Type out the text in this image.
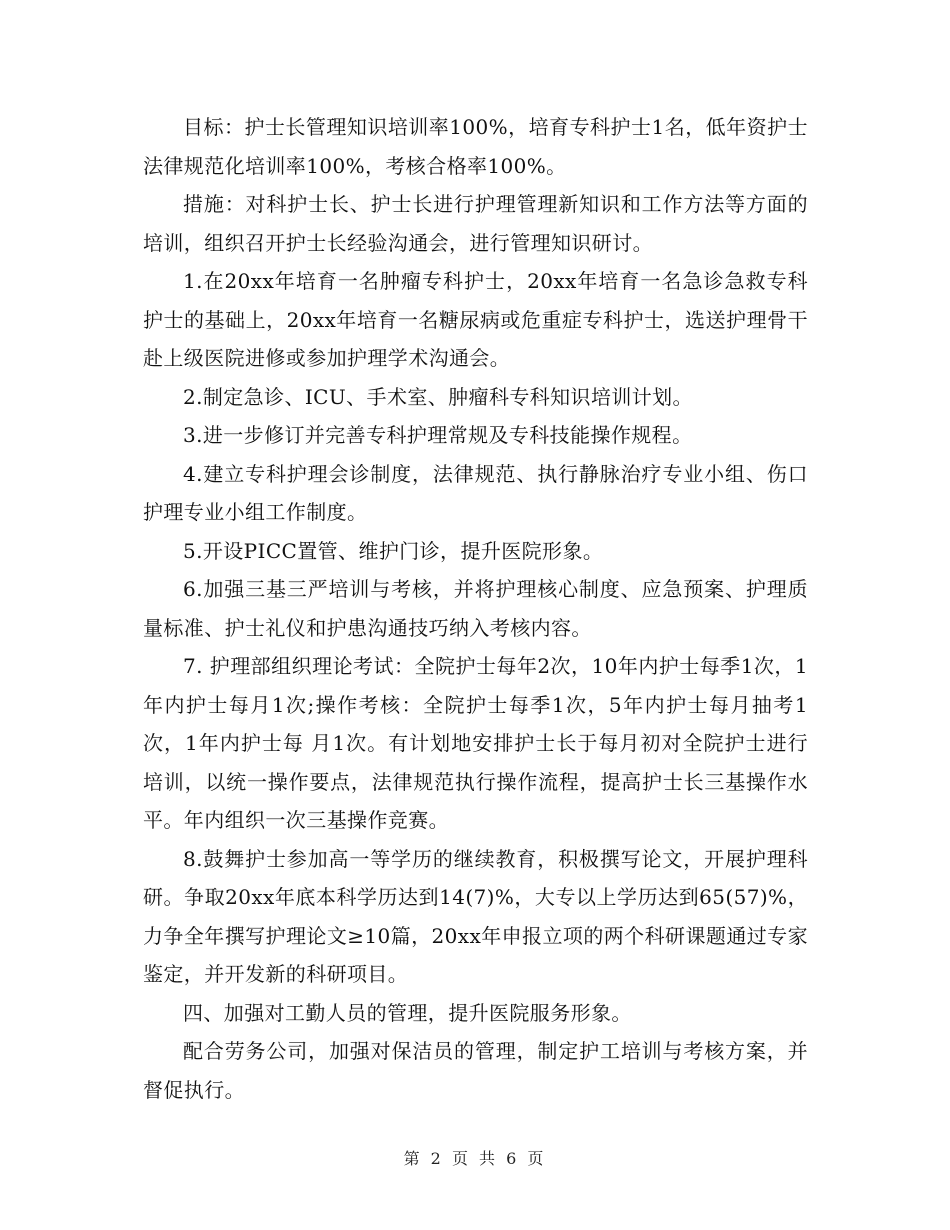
目标：护士长管理知识培训率100%，培育专科护士1名，低年资护士法律规范化培训率100%，考核合格率100%。

措施：对科护士长、护士长进行护理管理新知识和工作方法等方面的培训，组织召开护士长经验沟通会，进行管理知识研讨。

1.在20xx年培育一名肿瘤专科护士，20xx年培育一名急诊急救专科护士的基础上，20xx年培育一名糖尿病或危重症专科护士，选送护理骨干赴上级医院进修或参加护理学术沟通会。

2.制定急诊、ICU、手术室、肿瘤科专科知识培训计划。

3.进一步修订并完善专科护理常规及专科技能操作规程。

4.建立专科护理会诊制度，法律规范、执行静脉治疗专业小组、伤口护理专业小组工作制度。

5.开设PICC置管、维护门诊，提升医院形象。

6.加强三基三严培训与考核，并将护理核心制度、应急预案、护理质量标准、护士礼仪和护患沟通技巧纳入考核内容。

7. 护理部组织理论考试：全院护士每年2次，10年内护士每季1次，1年内护士每月1次;操作考核：全院护士每季1次，5年内护士每月抽考1次，1年内护士每 月1次。有计划地安排护士长于每月初对全院护士进行培训，以统一操作要点，法律规范执行操作流程，提高护士长三基操作水平。年内组织一次三基操作竞赛。

8.鼓舞护士参加高一等学历的继续教育，积极撰写论文，开展护理科研。争取20xx年底本科学历达到14(7)%，大专以上学历达到65(57)%，力争全年撰写护理论文≥10篇，20xx年申报立项的两个科研课题通过专家鉴定，并开发新的科研项目。

四、加强对工勤人员的管理，提升医院服务形象。

配合劳务公司，加强对保洁员的管理，制定护工培训与考核方案，并督促执行。

第 2 页 共 6 页
